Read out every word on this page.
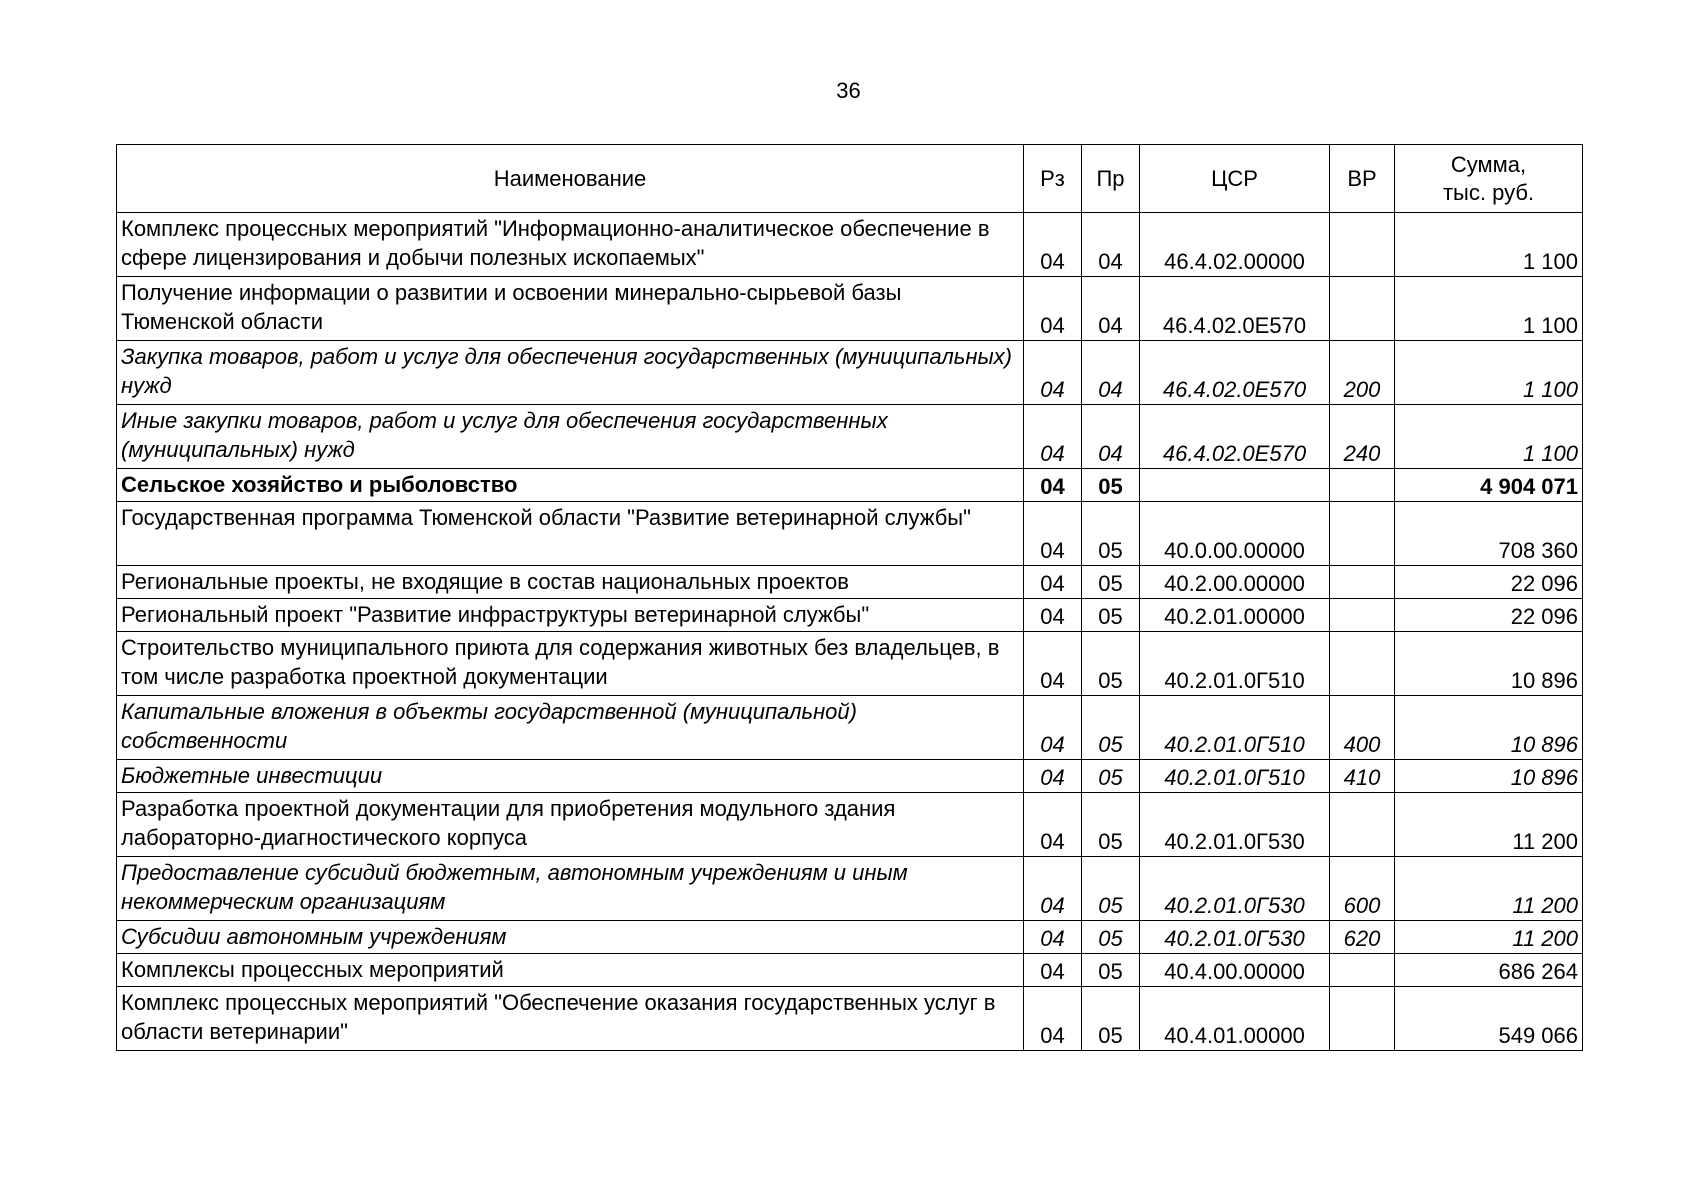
36
Наименование	Рз	Пр	ЦСР	ВР	Сумма,
тыс. руб.
Комплекс процессных мероприятий "Информационно-аналитическое обеспечение в сфере лицензирования и добычи полезных ископаемых"	04	04	46.4.02.00000		1 100
Получение информации о развитии и освоении минерально-сырьевой базы Тюменской области	04	04	46.4.02.0Е570		1 100
Закупка товаров, работ и услуг для обеспечения государственных (муниципальных) нужд	04	04	46.4.02.0Е570	200	1 100
Иные закупки товаров, работ и услуг для обеспечения государственных (муниципальных) нужд	04	04	46.4.02.0Е570	240	1 100
Сельское хозяйство и рыболовство	04	05			4 904 071
Государственная программа Тюменской области "Развитие ветеринарной службы"	04	05	40.0.00.00000		708 360
Региональные проекты, не входящие в состав национальных проектов	04	05	40.2.00.00000		22 096
Региональный проект "Развитие инфраструктуры ветеринарной службы"	04	05	40.2.01.00000		22 096
Строительство муниципального приюта для содержания животных без владельцев, в том числе разработка проектной документации	04	05	40.2.01.0Г510		10 896
Капитальные вложения в объекты государственной (муниципальной) собственности	04	05	40.2.01.0Г510	400	10 896
Бюджетные инвестиции	04	05	40.2.01.0Г510	410	10 896
Разработка проектной документации для приобретения модульного здания лабораторно-диагностического корпуса	04	05	40.2.01.0Г530		11 200
Предоставление субсидий бюджетным, автономным учреждениям и иным некоммерческим организациям	04	05	40.2.01.0Г530	600	11 200
Субсидии автономным учреждениям	04	05	40.2.01.0Г530	620	11 200
Комплексы процессных мероприятий	04	05	40.4.00.00000		686 264
Комплекс процессных мероприятий "Обеспечение оказания государственных услуг в области ветеринарии"	04	05	40.4.01.00000		549 066
